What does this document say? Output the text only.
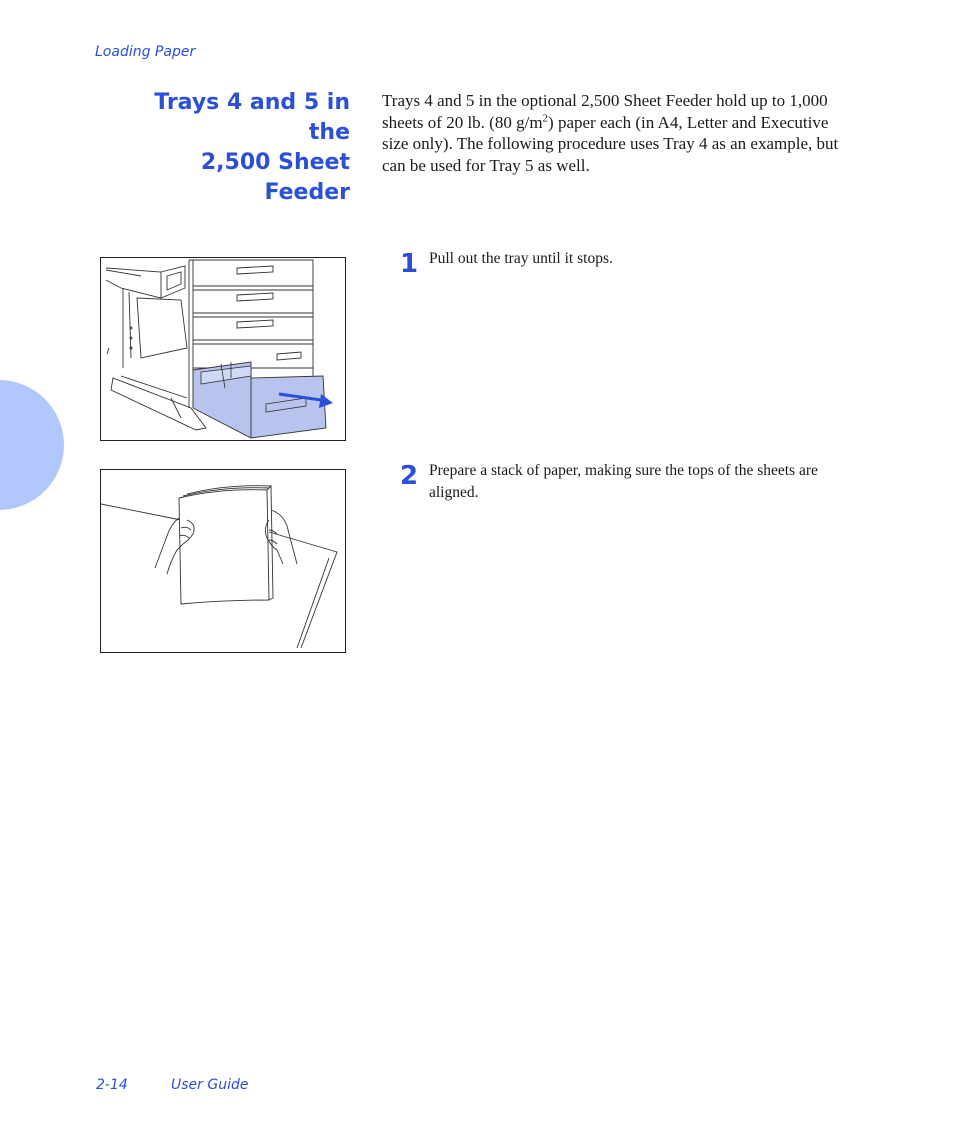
Loading Paper
Trays 4 and 5 in the
2,500 Sheet Feeder
Trays 4 and 5 in the optional 2,500 Sheet Feeder hold up to 1,000 sheets of 20 lb. (80 $g/m^2$) paper each (in A4, Letter and Executive size only). The following procedure uses Tray 4 as an example, but can be used for Tray 5 as well.
1 Pull out the tray until it stops.
2 Prepare a stack of paper, making sure the tops of the sheets are aligned.
2-14	User Guide
